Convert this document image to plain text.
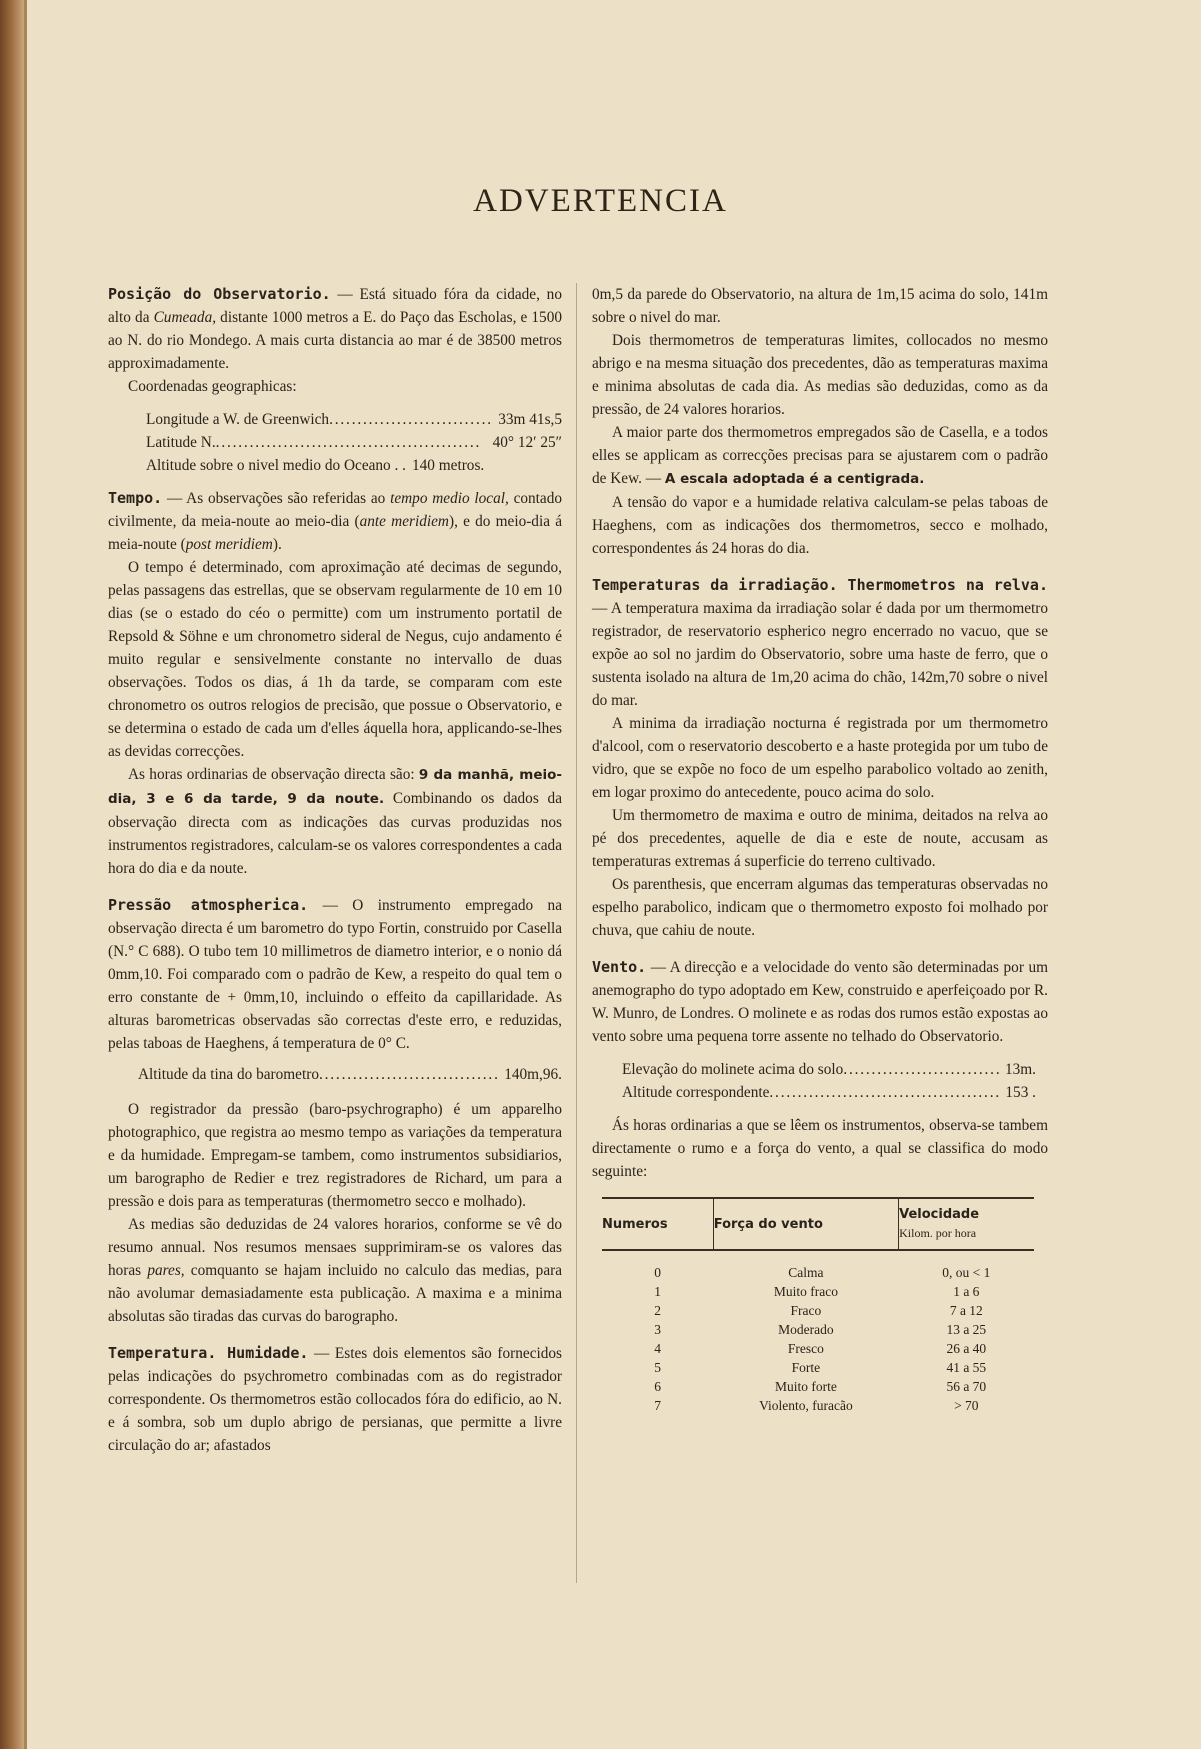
ADVERTENCIA

Posição do Observatorio. — Está situado fóra da cidade, no alto da Cumeada, distante 1000 metros a E. do Paço das Escholas, e 1500 ao N. do rio Mondego. A mais curta distancia ao mar é de 38500 metros approximadamente.

Coordenadas geographicas:

Longitude a W. de Greenwich . . .	33m 41s,5
Latitude N. . . .	40° 12′ 25″
Altitude sobre o nivel medio do Oceano . . 140 metros.

Tempo. — As observações são referidas ao tempo medio local, contado civilmente, da meia-noute ao meio-dia (ante meridiem), e do meio-dia á meia-noute (post meridiem).

O tempo é determinado, com aproximação até decimas de segundo, pelas passagens das estrellas, que se observam regularmente de 10 em 10 dias (se o estado do céo o permitte) com um instrumento portatil de Repsold & Söhne e um chronometro sideral de Negus, cujo andamento é muito regular e sensivelmente constante no intervallo de duas observações. Todos os dias, á 1h da tarde, se comparam com este chronometro os outros relogios de precisão, que possue o Observatorio, e se determina o estado de cada um d'elles áquella hora, applicando-se-lhes as devidas correcções.

As horas ordinarias de observação directa são: 9 da manhã, meio-dia, 3 e 6 da tarde, 9 da noute. Combinando os dados da observação directa com as indicações das curvas produzidas nos instrumentos registradores, calculam-se os valores correspondentes a cada hora do dia e da noute.

Pressão atmospherica. — O instrumento empregado na observação directa é um barometro do typo Fortin, construido por Casella (N.° C 688). O tubo tem 10 millimetros de diametro interior, e o nonio dá 0mm,10. Foi comparado com o padrão de Kew, a respeito do qual tem o erro constante de + 0mm,10, incluindo o effeito da capillaridade. As alturas barometricas observadas são correctas d'este erro, e reduzidas, pelas taboas de Haeghens, á temperatura de 0° C.

Altitude da tina do barometro . . .	140m,96.

O registrador da pressão (baro-psychrographo) é um apparelho photographico, que registra ao mesmo tempo as variações da temperatura e da humidade. Empregam-se tambem, como instrumentos subsidiarios, um barographo de Redier e trez registradores de Richard, um para a pressão e dois para as temperaturas (thermometro secco e molhado).

As medias são deduzidas de 24 valores horarios, conforme se vê do resumo annual. Nos resumos mensaes supprimiram-se os valores das horas pares, comquanto se hajam incluido no calculo das medias, para não avolumar demasiadamente esta publicação. A maxima e a minima absolutas são tiradas das curvas do barographo.

Temperatura. Humidade. — Estes dois elementos são fornecidos pelas indicações do psychrometro combinadas com as do registrador correspondente. Os thermometros estão collocados fóra do edificio, ao N. e á sombra, sob um duplo abrigo de persianas, que permitte a livre circulação do ar; afastados

0m,5 da parede do Observatorio, na altura de 1m,15 acima do solo, 141m sobre o nivel do mar.

Dois thermometros de temperaturas limites, collocados no mesmo abrigo e na mesma situação dos precedentes, dão as temperaturas maxima e minima absolutas de cada dia. As medias são deduzidas, como as da pressão, de 24 valores horarios.

A maior parte dos thermometros empregados são de Casella, e a todos elles se applicam as correcções precisas para se ajustarem com o padrão de Kew. — A escala adoptada é a centigrada.

A tensão do vapor e a humidade relativa calculam-se pelas taboas de Haeghens, com as indicações dos thermometros, secco e molhado, correspondentes ás 24 horas do dia.

Temperaturas da irradiação. Thermometros na relva. — A temperatura maxima da irradiação solar é dada por um thermometro registrador, de reservatorio espherico negro encerrado no vacuo, que se expõe ao sol no jardim do Observatorio, sobre uma haste de ferro, que o sustenta isolado na altura de 1m,20 acima do chão, 142m,70 sobre o nivel do mar.

A minima da irradiação nocturna é registrada por um thermometro d'alcool, com o reservatorio descoberto e a haste protegida por um tubo de vidro, que se expõe no foco de um espelho parabolico voltado ao zenith, em logar proximo do antecedente, pouco acima do solo.

Um thermometro de maxima e outro de minima, deitados na relva ao pé dos precedentes, aquelle de dia e este de noute, accusam as temperaturas extremas á superficie do terreno cultivado.

Os parenthesis, que encerram algumas das temperaturas observadas no espelho parabolico, indicam que o thermometro exposto foi molhado por chuva, que cahiu de noute.

Vento. — A direcção e a velocidade do vento são determinadas por um anemographo do typo adoptado em Kew, construido e aperfeiçoado por R. W. Munro, de Londres. O molinete e as rodas dos rumos estão expostas ao vento sobre uma pequena torre assente no telhado do Observatorio.

Elevação do molinete acima do solo . . .	13m.
Altitude correspondente . . .	153 .

Ás horas ordinarias a que se lêem os instrumentos, observa-se tambem directamente o rumo e a força do vento, a qual se classifica do modo seguinte:

Numeros	Força do vento	Velocidade
Kilom. por hora

0	Calma	0, ou < 1
1	Muito fraco	1 a 6
2	Fraco	7 a 12
3	Moderado	13 a 25
4	Fresco	26 a 40
5	Forte	41 a 55
6	Muito forte	56 a 70
7	Violento, furacão	> 70
